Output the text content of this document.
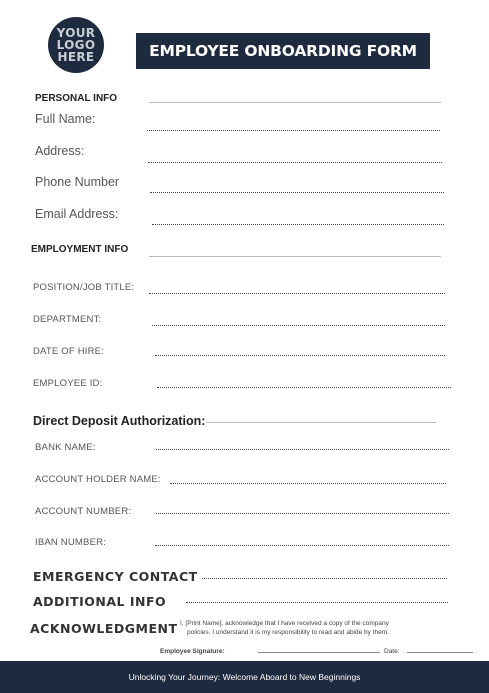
YOUR
LOGO
HERE	EMPLOYEE ONBOARDING FORM
PERSONAL INFO
Full Name:
Address:
Phone Number
Email Address:
EMPLOYMENT INFO
POSITION/JOB TITLE:
DEPARTMENT:
DATE OF HIRE:
EMPLOYEE ID:
Direct Deposit Authorization:
BANK NAME:
ACCOUNT HOLDER NAME:
ACCOUNT NUMBER:
IBAN NUMBER:
EMERGENCY CONTACT
ADDITIONAL INFO
ACKNOWLEDGMENT I, [Print Name], acknowledge that I have received a copy of the company
policies. I understand it is my responsibility to read and abide by them.
Employee Signature:	Date:
Unlocking Your Journey: Welcome Aboard to New Beginnings
